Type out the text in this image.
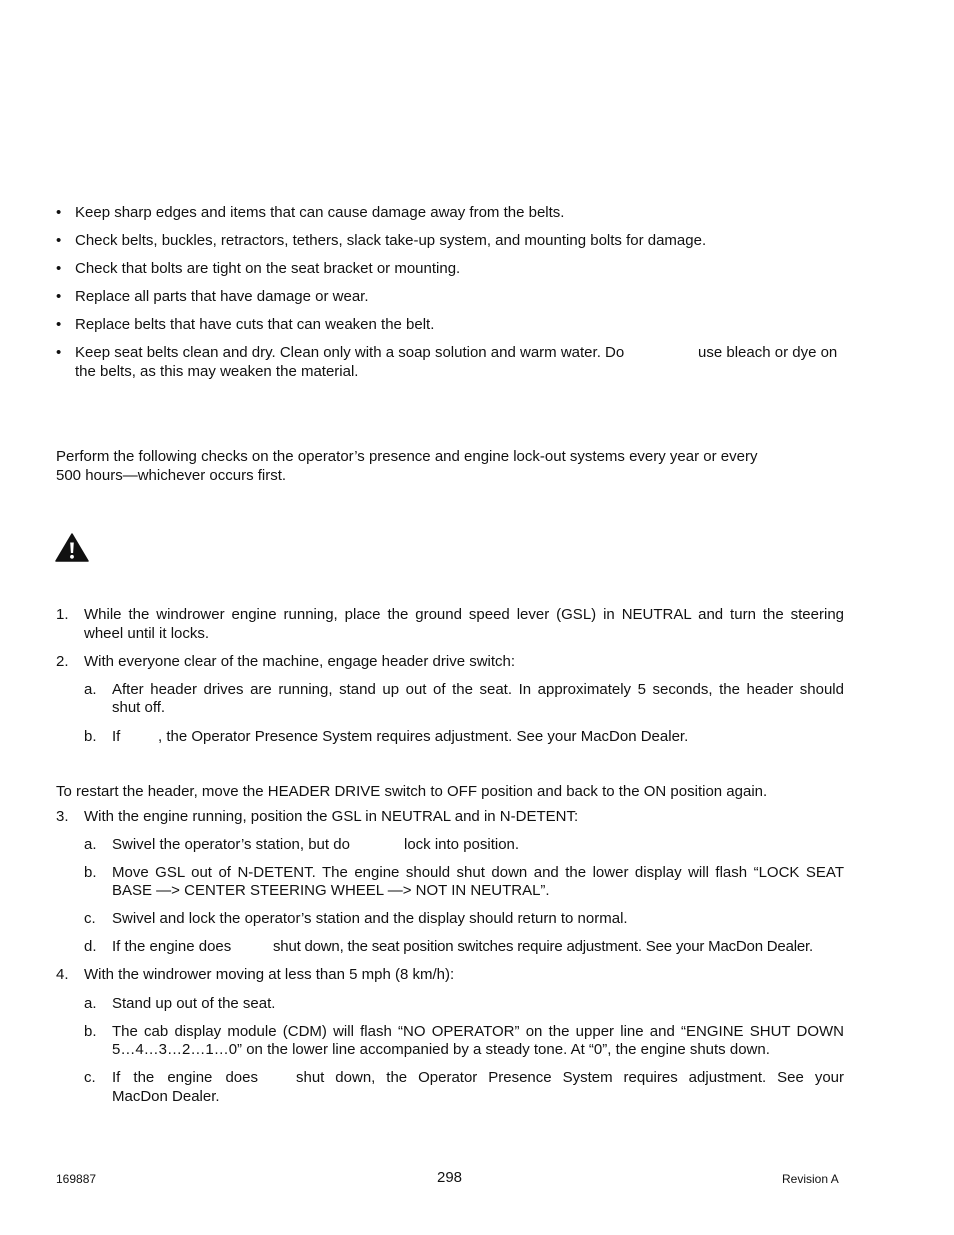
• Keep sharp edges and items that can cause damage away from the belts.
• Check belts, buckles, retractors, tethers, slack take-up system, and mounting bolts for damage.
• Check that bolts are tight on the seat bracket or mounting.
• Replace all parts that have damage or wear.
• Replace belts that have cuts that can weaken the belt.
• Keep seat belts clean and dry. Clean only with a soap solution and warm water. Do	use bleach or dye on
the belts, as this may weaken the material.
Perform the following checks on the operator’s presence and engine lock-out systems every year or every
500 hours—whichever occurs first.
1. While the windrower engine running, place the ground speed lever (GSL) in NEUTRAL and turn the steering
wheel until it locks.
2. With everyone clear of the machine, engage header drive switch:
a. After header drives are running, stand up out of the seat. In approximately 5 seconds, the header should
shut off.
b. If	, the Operator Presence System requires adjustment. See your MacDon Dealer.
To restart the header, move the HEADER DRIVE switch to OFF position and back to the ON position again.
3. With the engine running, position the GSL in NEUTRAL and in N-DETENT:
a. Swivel the operator’s station, but do	lock into position.
b. Move GSL out of N-DETENT. The engine should shut down and the lower display will flash “LOCK SEAT
BASE —> CENTER STEERING WHEEL —> NOT IN NEUTRAL”.
c. Swivel and lock the operator’s station and the display should return to normal.
d. If the engine does	shut down, the seat position switches require adjustment. See your MacDon Dealer.
4. With the windrower moving at less than 5 mph (8 km/h):
a. Stand up out of the seat.
b. The cab display module (CDM) will flash “NO OPERATOR” on the upper line and “ENGINE SHUT DOWN
5…4…3…2…1…0” on the lower line accompanied by a steady tone. At “0”, the engine shuts down.
c. If the engine does	shut down, the Operator Presence System requires adjustment. See your
MacDon Dealer.
169887	298	Revision A
